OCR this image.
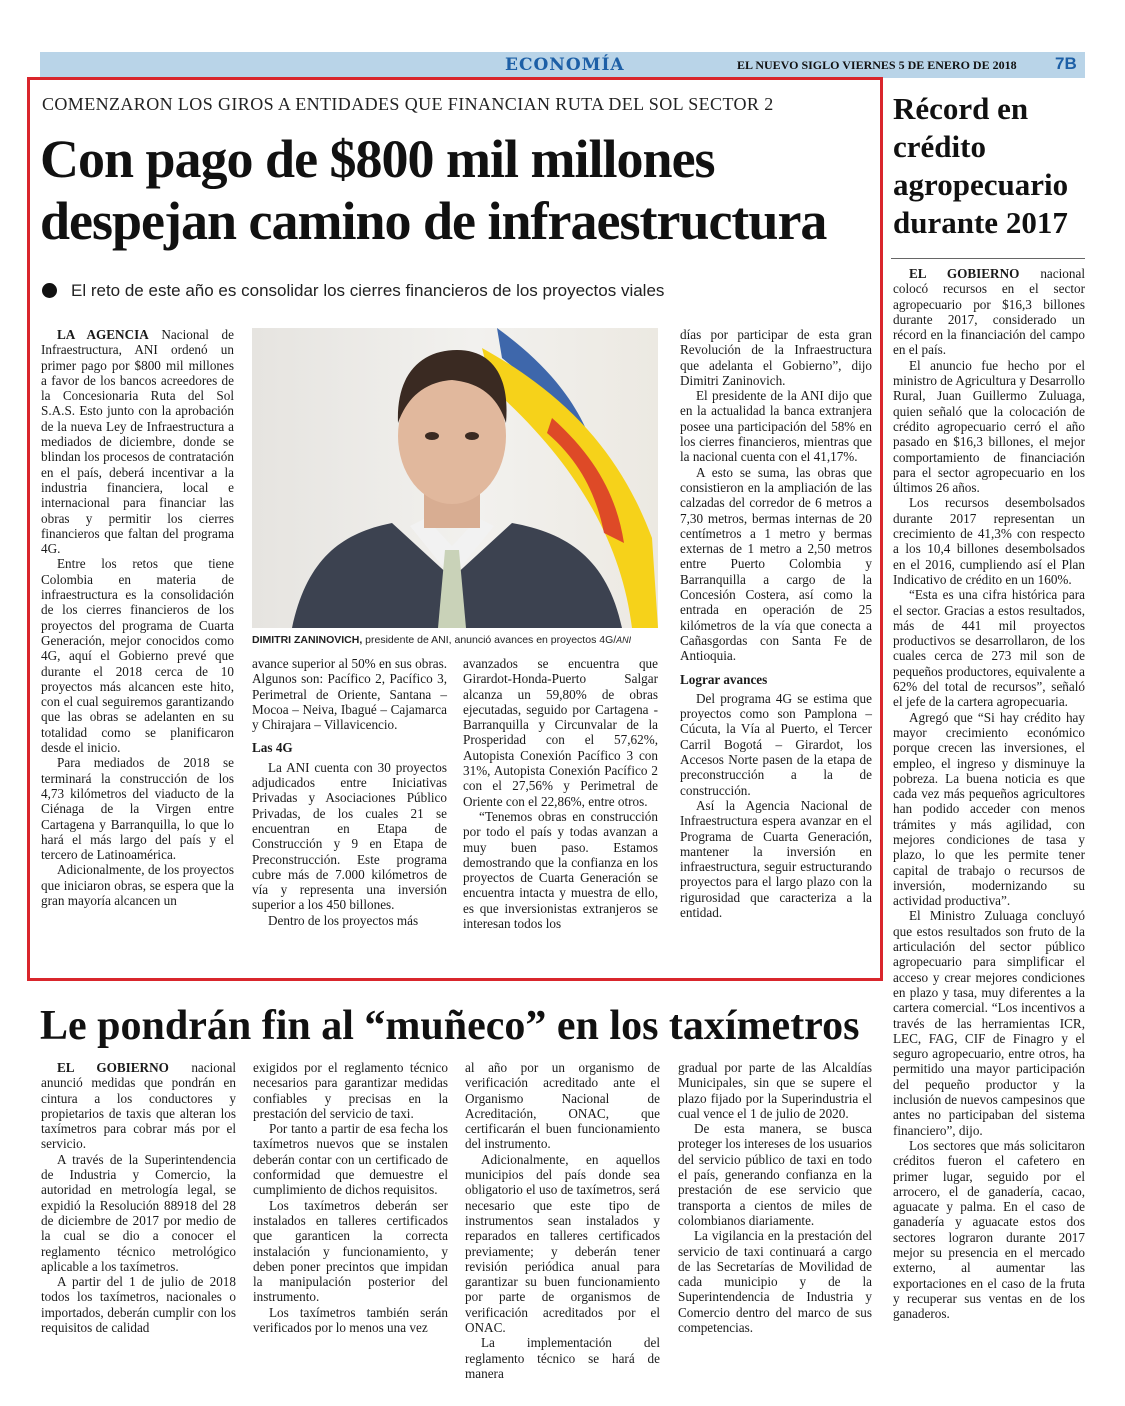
ECONOMÍA	EL NUEVO SIGLO VIERNES 5 DE ENERO DE 2018 7B
COMENZARON LOS GIROS A ENTIDADES QUE FINANCIAN RUTA DEL SOL SECTOR 2
Con pago de $800 mil millones
despejan camino de infraestructura
El reto de este año es consolidar los cierres financieros de los proyectos viales

LA AGENCIA Nacional de Infraestructura, ANI ordenó un primer pago por $800 mil millones a favor de los bancos acreedores de la Concesionaria Ruta del Sol S.A.S. Esto junto con la aprobación de la nueva Ley de Infraestructura a mediados de diciembre, donde se blindan los procesos de contratación en el país, deberá incentivar a la industria financiera, local e internacional para financiar las obras y permitir los cierres financieros que faltan del programa 4G.

Entre los retos que tiene Colombia en materia de infraestructura es la consolidación de los cierres financieros de los proyectos del programa de Cuarta Generación, mejor conocidos como 4G, aquí el Gobierno prevé que durante el 2018 cerca de 10 proyectos más alcancen este hito, con el cual seguiremos garantizando que las obras se adelanten en su totalidad como se planificaron desde el inicio.

Para mediados de 2018 se terminará la construcción de los 4,73 kilómetros del viaducto de la Ciénaga de la Virgen entre Cartagena y Barranquilla, lo que lo hará el más largo del país y el tercero de Latinoamérica.

Adicionalmente, de los proyectos que iniciaron obras, se espera que la gran mayoría alcancen un

DIMITRI ZANINOVICH, presidente de ANI, anunció avances en proyectos 4G/ANI

avance superior al 50% en sus obras. Algunos son: Pacífico 2, Pacífico 3, Perimetral de Oriente, Santana – Mocoa – Neiva, Ibagué – Cajamarca y Chirajara – Villavicencio.

Las 4G

La ANI cuenta con 30 proyectos adjudicados entre Iniciativas Privadas y Asociaciones Público Privadas, de los cuales 21 se encuentran en Etapa de Construcción y 9 en Etapa de Preconstrucción. Este programa cubre más de 7.000 kilómetros de vía y representa una inversión superior a los 450 billones.

Dentro de los proyectos más

avanzados se encuentra que Girardot-Honda-Puerto Salgar alcanza un 59,80% de obras ejecutadas, seguido por Cartagena - Barranquilla y Circunvalar de la Prosperidad con el 57,62%, Autopista Conexión Pacífico 3 con 31%, Autopista Conexión Pacífico 2 con el 27,56% y Perimetral de Oriente con el 22,86%, entre otros.

“Tenemos obras en construcción por todo el país y todas avanzan a muy buen paso. Estamos demostrando que la confianza en los proyectos de Cuarta Generación se encuentra intacta y muestra de ello, es que inversionistas extranjeros se interesan todos los

días por participar de esta gran Revolución de la Infraestructura que adelanta el Gobierno”, dijo Dimitri Zaninovich.

El presidente de la ANI dijo que en la actualidad la banca extranjera posee una participación del 58% en los cierres financieros, mientras que la nacional cuenta con el 41,17%.

A esto se suma, las obras que consistieron en la ampliación de las calzadas del corredor de 6 metros a 7,30 metros, bermas internas de 20 centímetros a 1 metro y bermas externas de 1 metro a 2,50 metros entre Puerto Colombia y Barranquilla a cargo de la Concesión Costera, así como la entrada en operación de 25 kilómetros de la vía que conecta a Cañasgordas con Santa Fe de Antioquia.

Lograr avances

Del programa 4G se estima que proyectos como son Pamplona – Cúcuta, la Vía al Puerto, el Tercer Carril Bogotá – Girardot, los Accesos Norte pasen de la etapa de preconstrucción a la de construcción.

Así la Agencia Nacional de Infraestructura espera avanzar en el Programa de Cuarta Generación, mantener la inversión en infraestructura, seguir estructurando proyectos para el largo plazo con la rigurosidad que caracteriza a la entidad.

Récord en crédito agropecuario durante 2017

EL GOBIERNO nacional colocó recursos en el sector agropecuario por $16,3 billones durante 2017, considerado un récord en la financiación del campo en el país.

El anuncio fue hecho por el ministro de Agricultura y Desarrollo Rural, Juan Guillermo Zuluaga, quien señaló que la colocación de crédito agropecuario cerró el año pasado en $16,3 billones, el mejor comportamiento de financiación para el sector agropecuario en los últimos 26 años.

Los recursos desembolsados durante 2017 representan un crecimiento de 41,3% con respecto a los 10,4 billones desembolsados en el 2016, cumpliendo así el Plan Indicativo de crédito en un 160%.

“Esta es una cifra histórica para el sector. Gracias a estos resultados, más de 441 mil proyectos productivos se desarrollaron, de los cuales cerca de 273 mil son de pequeños productores, equivalente a 62% del total de recursos”, señaló el jefe de la cartera agropecuaria.

Agregó que “Si hay crédito hay mayor crecimiento económico porque crecen las inversiones, el empleo, el ingreso y disminuye la pobreza. La buena noticia es que cada vez más pequeños agricultores han podido acceder con menos trámites y más agilidad, con mejores condiciones de tasa y plazo, lo que les permite tener capital de trabajo o recursos de inversión, modernizando su actividad productiva”.

El Ministro Zuluaga concluyó que estos resultados son fruto de la articulación del sector público agropecuario para simplificar el acceso y crear mejores condiciones en plazo y tasa, muy diferentes a la cartera comercial. “Los incentivos a través de las herramientas ICR, LEC, FAG, CIF de Finagro y el seguro agropecuario, entre otros, ha permitido una mayor participación del pequeño productor y la inclusión de nuevos campesinos que antes no participaban del sistema financiero”, dijo.

Los sectores que más solicitaron créditos fueron el cafetero en primer lugar, seguido por el arrocero, el de ganadería, cacao, aguacate y palma. En el caso de ganadería y aguacate estos dos sectores lograron durante 2017 mejor su presencia en el mercado externo, al aumentar las exportaciones en el caso de la fruta y recuperar sus ventas en de los ganaderos.

Le pondrán fin al “muñeco” en los taxímetros

EL GOBIERNO nacional anunció medidas que pondrán en cintura a los conductores y propietarios de taxis que alteran los taxímetros para cobrar más por el servicio.

A través de la Superintendencia de Industria y Comercio, la autoridad en metrología legal, se expidió la Resolución 88918 del 28 de diciembre de 2017 por medio de la cual se dio a conocer el reglamento técnico metrológico aplicable a los taxímetros.

A partir del 1 de julio de 2018 todos los taxímetros, nacionales o importados, deberán cumplir con los requisitos de calidad

exigidos por el reglamento técnico necesarios para garantizar medidas confiables y precisas en la prestación del servicio de taxi.

Por tanto a partir de esa fecha los taxímetros nuevos que se instalen deberán contar con un certificado de conformidad que demuestre el cumplimiento de dichos requisitos.

Los taxímetros deberán ser instalados en talleres certificados que garanticen la correcta instalación y funcionamiento, y deben poner precintos que impidan la manipulación posterior del instrumento.

Los taxímetros también serán verificados por lo menos una vez

al año por un organismo de verificación acreditado ante el Organismo Nacional de Acreditación, ONAC, que certificarán el buen funcionamiento del instrumento.

Adicionalmente, en aquellos municipios del país donde sea obligatorio el uso de taxímetros, será necesario que este tipo de instrumentos sean instalados y reparados en talleres certificados previamente; y deberán tener revisión periódica anual para garantizar su buen funcionamiento por parte de organismos de verificación acreditados por el ONAC.

La implementación del reglamento técnico se hará de manera

gradual por parte de las Alcaldías Municipales, sin que se supere el plazo fijado por la Superindustria el cual vence el 1 de julio de 2020.

De esta manera, se busca proteger los intereses de los usuarios del servicio público de taxi en todo el país, generando confianza en la prestación de ese servicio que transporta a cientos de miles de colombianos diariamente.

La vigilancia en la prestación del servicio de taxi continuará a cargo de las Secretarías de Movilidad de cada municipio y de la Superintendencia de Industria y Comercio dentro del marco de sus competencias.
